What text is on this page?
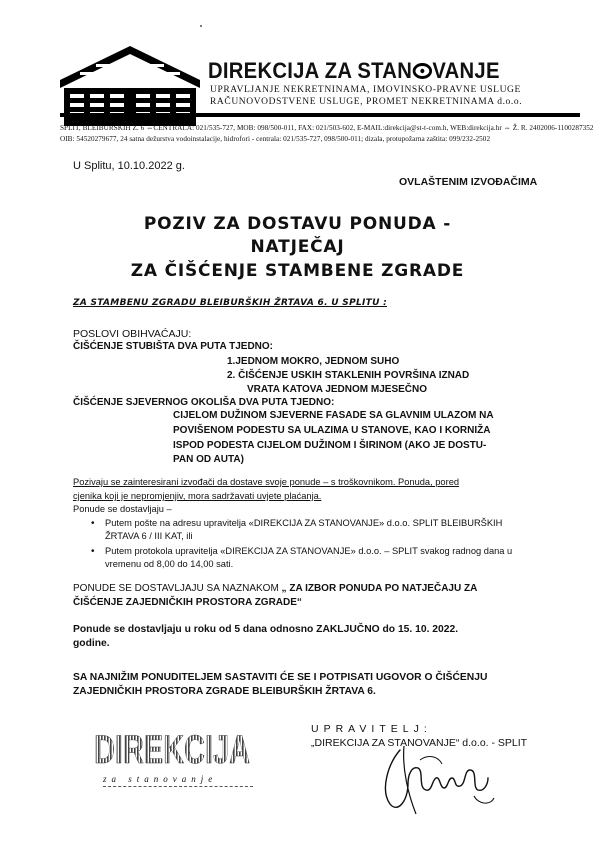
DIREKCIJA ZA STAN VANJE
UPRAVLJANJE NEKRETNINAMA, IMOVINSKO-PRAVNE USLUGE
RAČUNOVODSTVENE USLUGE, PROMET NEKRETNINAMA d.o.o.
SPLIT, BLEIBURŠKIH Ž. 6 ⇔CENTRALA: 021/535-727, MOB: 098/500-011, FAX: 021/503-602, E-MAIL:direkcija@st-t-com.h, WEB:direkcija.hr ⇔ Ž. R. 2402006-1100287352
OIB: 54520279677, 24 satna dežurstva vodoinstalacije, hidrofori - centrala: 021/535-727, 098/500-011; dizala, protupožarna zaštita: 099/232-2502
U Splitu, 10.10.2022 g.
OVLAŠTENIM IZVOĐAČIMA
POZIV ZA DOSTAVU PONUDA -
NATJEČAJ
ZA ČIŠĆENJE STAMBENE ZGRADE
ZA STAMBENU ZGRADU BLEIBURŠKIH ŽRTAVA 6. U SPLITU :
POSLOVI OBIHVAĆAJU:
ČIŠĆENJE STUBIŠTA DVA PUTA TJEDNO:
1.JEDNOM MOKRO, JEDNOM SUHO
2. ČIŠĆENJE USKIH STAKLENIH POVRŠINA IZNAD
VRATA KATOVA JEDNOM MJESEČNO
ČIŠĆENJE SJEVERNOG OKOLIŠA DVA PUTA TJEDNO:
CIJELOM DUŽINOM SJEVERNE FASADE SA GLAVNIM ULAZOM NA
POVIŠENOM PODESTU SA ULAZIMA U STANOVE, KAO I KORNIŽA
ISPOD PODESTA CIJELOM DUŽINOM I ŠIRINOM (AKO JE DOSTU-
PAN OD AUTA)
Pozivaju se zainteresirani izvođači da dostave svoje ponude – s troškovnikom. Ponuda, pored
cjenika koji je nepromjenjiv, mora sadržavati uvjete plaćanja.
Ponude se dostavljaju –
• Putem pošte na adresu upravitelja «DIREKCIJA ZA STANOVANJE» d.o.o. SPLIT BLEIBURŠKIH
ŽRTAVA 6 / III KAT, ili
• Putem protokola upravitelja «DIREKCIJA ZA STANOVANJE» d.o.o. – SPLIT svakog radnog dana u
vremenu od 8,00 do 14,00 sati.
PONUDE SE DOSTAVLJAJU SA NAZNAKOM „ ZA IZBOR PONUDA PO NATJEČAJU ZA
ČIŠĆENJE ZAJEDNIČKIH PROSTORA ZGRADE“
Ponude se dostavljaju u roku od 5 dana odnosno ZAKLJUČNO do 15. 10. 2022.
godine.
SA NAJNIŽIM PONUDITELJEM SASTAVITI ĆE SE I POTPISATI UGOVOR O ČIŠĆENJU
ZAJEDNIČKIH PROSTORA ZGRADE BLEIBURŠKIH ŽRTAVA 6.
DIREKCIJA
za stanovanje
UPRAVITELJ:
„DIREKCIJA ZA STANOVANJE“ d.o.o. - SPLIT
